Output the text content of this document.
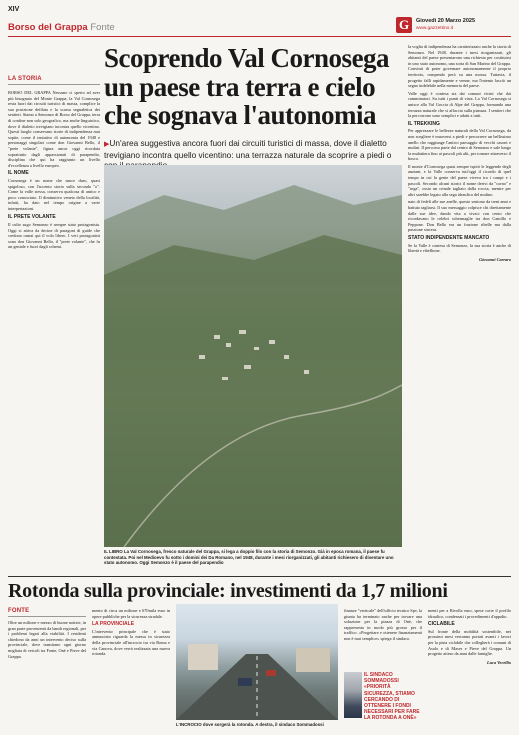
XIV
Borso del Grappa Fonte	G	Giovedì 20 Marzo 2025
www.gazzettino.it
LA STORIA
Scoprendo Val Cornosega un paese tra terra e cielo che sognava l'autonomia
▶Un'area suggestiva ancora fuori dai circuiti turistici di massa, dove il dialetto trevigiano incontra quello vicentino: una terrazza naturale da scoprire a piedi o
BORSO DEL GRAPPA Nessuno ci sperto ad aver più bisognato del Monte Grappa, la Val Cornosega resta fuori dai circuiti turistici di massa, complice la sua posizione defilata e la scarsa segnaletica dei sentieri. Siamo a Semonzo di Borso del Grappa, terra di confine non solo geografico, ma anche linguistico, dove il dialetto trevigiano incontra quello vicentino. Questi luoghi conservano storie di indipendenza mai sopite, come il tentativo di autonomia del 1948 e personaggi singolari come don Giovanni Bello, il "prete volante", figura ancor oggi ricordata soprattutto dagli appassionati di parapendio, disciplina che qui ha raggiunto un livello d'eccellenza a livello europeo.
IL NOME
Cornosega è un nome che nasce duro, quasi spigoloso, con l'accento storto sulla seconda "o". Come la valle stessa, conserva qualcosa di antico e poco conosciuto. Il diminutivo veneto della località, infatti, ha dato nel tempo origine a varie interpretazioni.
IL PRETE VOLANTE
Il culto sugo Semonzo è sempre stato protagonista. Oggi si attiva da decine di paragoni di guide che credono ormai qui il volo libero. I veri protagonisti sono don Giovanni Bello, il "prete volante", che fu un geniale e fuori dagli schemi.
IL LIBRO La Val Cornosega, fresco naturale del Grappa, si lega a doppio filo con la storia di Semonzo. Già in epoca romana, il paese fu contestata. Poi nel Medioevo fu sotto i domini dei Da Romano, nel 1948, durante i mesi riorganizzati, gli abitanti richiesero di diventare uno stato autonomo. Oggi Semonzo è il paese del parapendio
la voglia di indipendenza ha caratterizzato anche la storia di Semonzo. Nel 1948, durante i mesi riorganizzati, gli abitanti del paese presentarono una richiesta per costituirsi in uno stato autonomo, una sorta di San Marino del Grappa. Convinti di poter governare autonomamente il proprio territorio, rompendo però su una mossa. Tuttavia, il progetto fallì rapidamente e venne, ma l'intento lasciò un segno indelebile nella memoria del paese.
Valle oggi è contesa sia dai comuni vicini che dai camminatori. Su tutti i punti di vista. La Val Cornosega si unisce alla Val Goccia di Alpe del Grappa, formando una terrazza naturale che si affaccia sulla pianura. I sentieri che la percorrono sono semplici e adatti a tutti.
IL TREKKING
Per apprezzare le bellezze naturali della Val Cornosega, da non scegliere è muoversi a piedi e percorrere un bellissimo anello che raggiunge l'antico paesaggio di vecchi casoni e mulini. Il percorso parte dal centro di Semonzo e sale lungo la mulattiera fino ai pascoli più alti, per tornare attraverso il bosco.
Il monte d'Cornosega quasi sempre ispirò le leggende degli anziani, e la Valle conserva tutt'oggi il ricordo di quel tempo in cui la gente del paese viveva tra i campi e i pascoli. Secondo alcuni storici il nome derivi da "corno" e "sega", ossia un crinale tagliato dalla roccia, mentre per altri sarebbe legato alla sega idraulica del mulino.
nato di fedeli alle sue anelle, questo sentono da trent anni e battuto tagliarsi. Il suo messaggio colpisce chi direttamente dalle sue idee, dando vita a vivaci con cento che ricordavano le celebri schermaglie tra don Camillo e Peppone. Don Bello era un frazione ribelle ma dalla passione sincera.
STATO INDIPENDENTE MANCATO
Se la Valle è contesa di Semonzo, la sua storia è anche di libertà e ribellione.
Giovanni Carraro
Rotonda sulla provinciale: investimenti da 1,7 milioni
FONTE
Oltre un milione e mezzo di buone notizie, in gran parte provenienti da bandi regionali, per i problemi legati alla viabilità. I residenti chiedono da anni un intervento deciso sulla provinciale, dove transitano ogni giorno migliaia di veicoli tra Fonte, Onè e Pieve del Grappa.
mento di circa un milione e 670mila euro in opere pubbliche per la sicurezza stradale.
LA PROVINCIALE
L'intervento principale che è stato annunciato riguarda la messa in sicurezza della provinciale all'incrocio tra via Roma e via Canova, dove verrà realizzata una nuova rotonda.
L'INCROCIO dove sorgerà la rotonda. A destra, il sindaco Sommadossi
finanze "verticale" dell'ufficio tecnico Spv, la giunta ha terminato anche per trovare una soluzione per la piazza di Onè, che rappresenta in modo più grosso per il traffico. «Progettare e ottenere finanziamenti non è mai semplice» spiega il sindaco.
IL SINDACO SOMMADOSSI «PRIORITÀ SICUREZZA, STIAMO CERCANDO DI OTTENERE I FONDI NECESSARI PER FARE LA ROTONDA A ONÈ»
menti per a Rivolla euro, spese corte il profilo idraulico, condensati i procedimenti d'appalto.
CICLABILE
Sul fronte della mobilità sostenibile, nei prossimi mesi verranno portati avanti i lavori per la pista ciclabile che collegherà i comuni di Asolo e di Maser e Pieve del Grappa. Un progetto atteso da anni dalle famiglie.
Luca Vecellio
